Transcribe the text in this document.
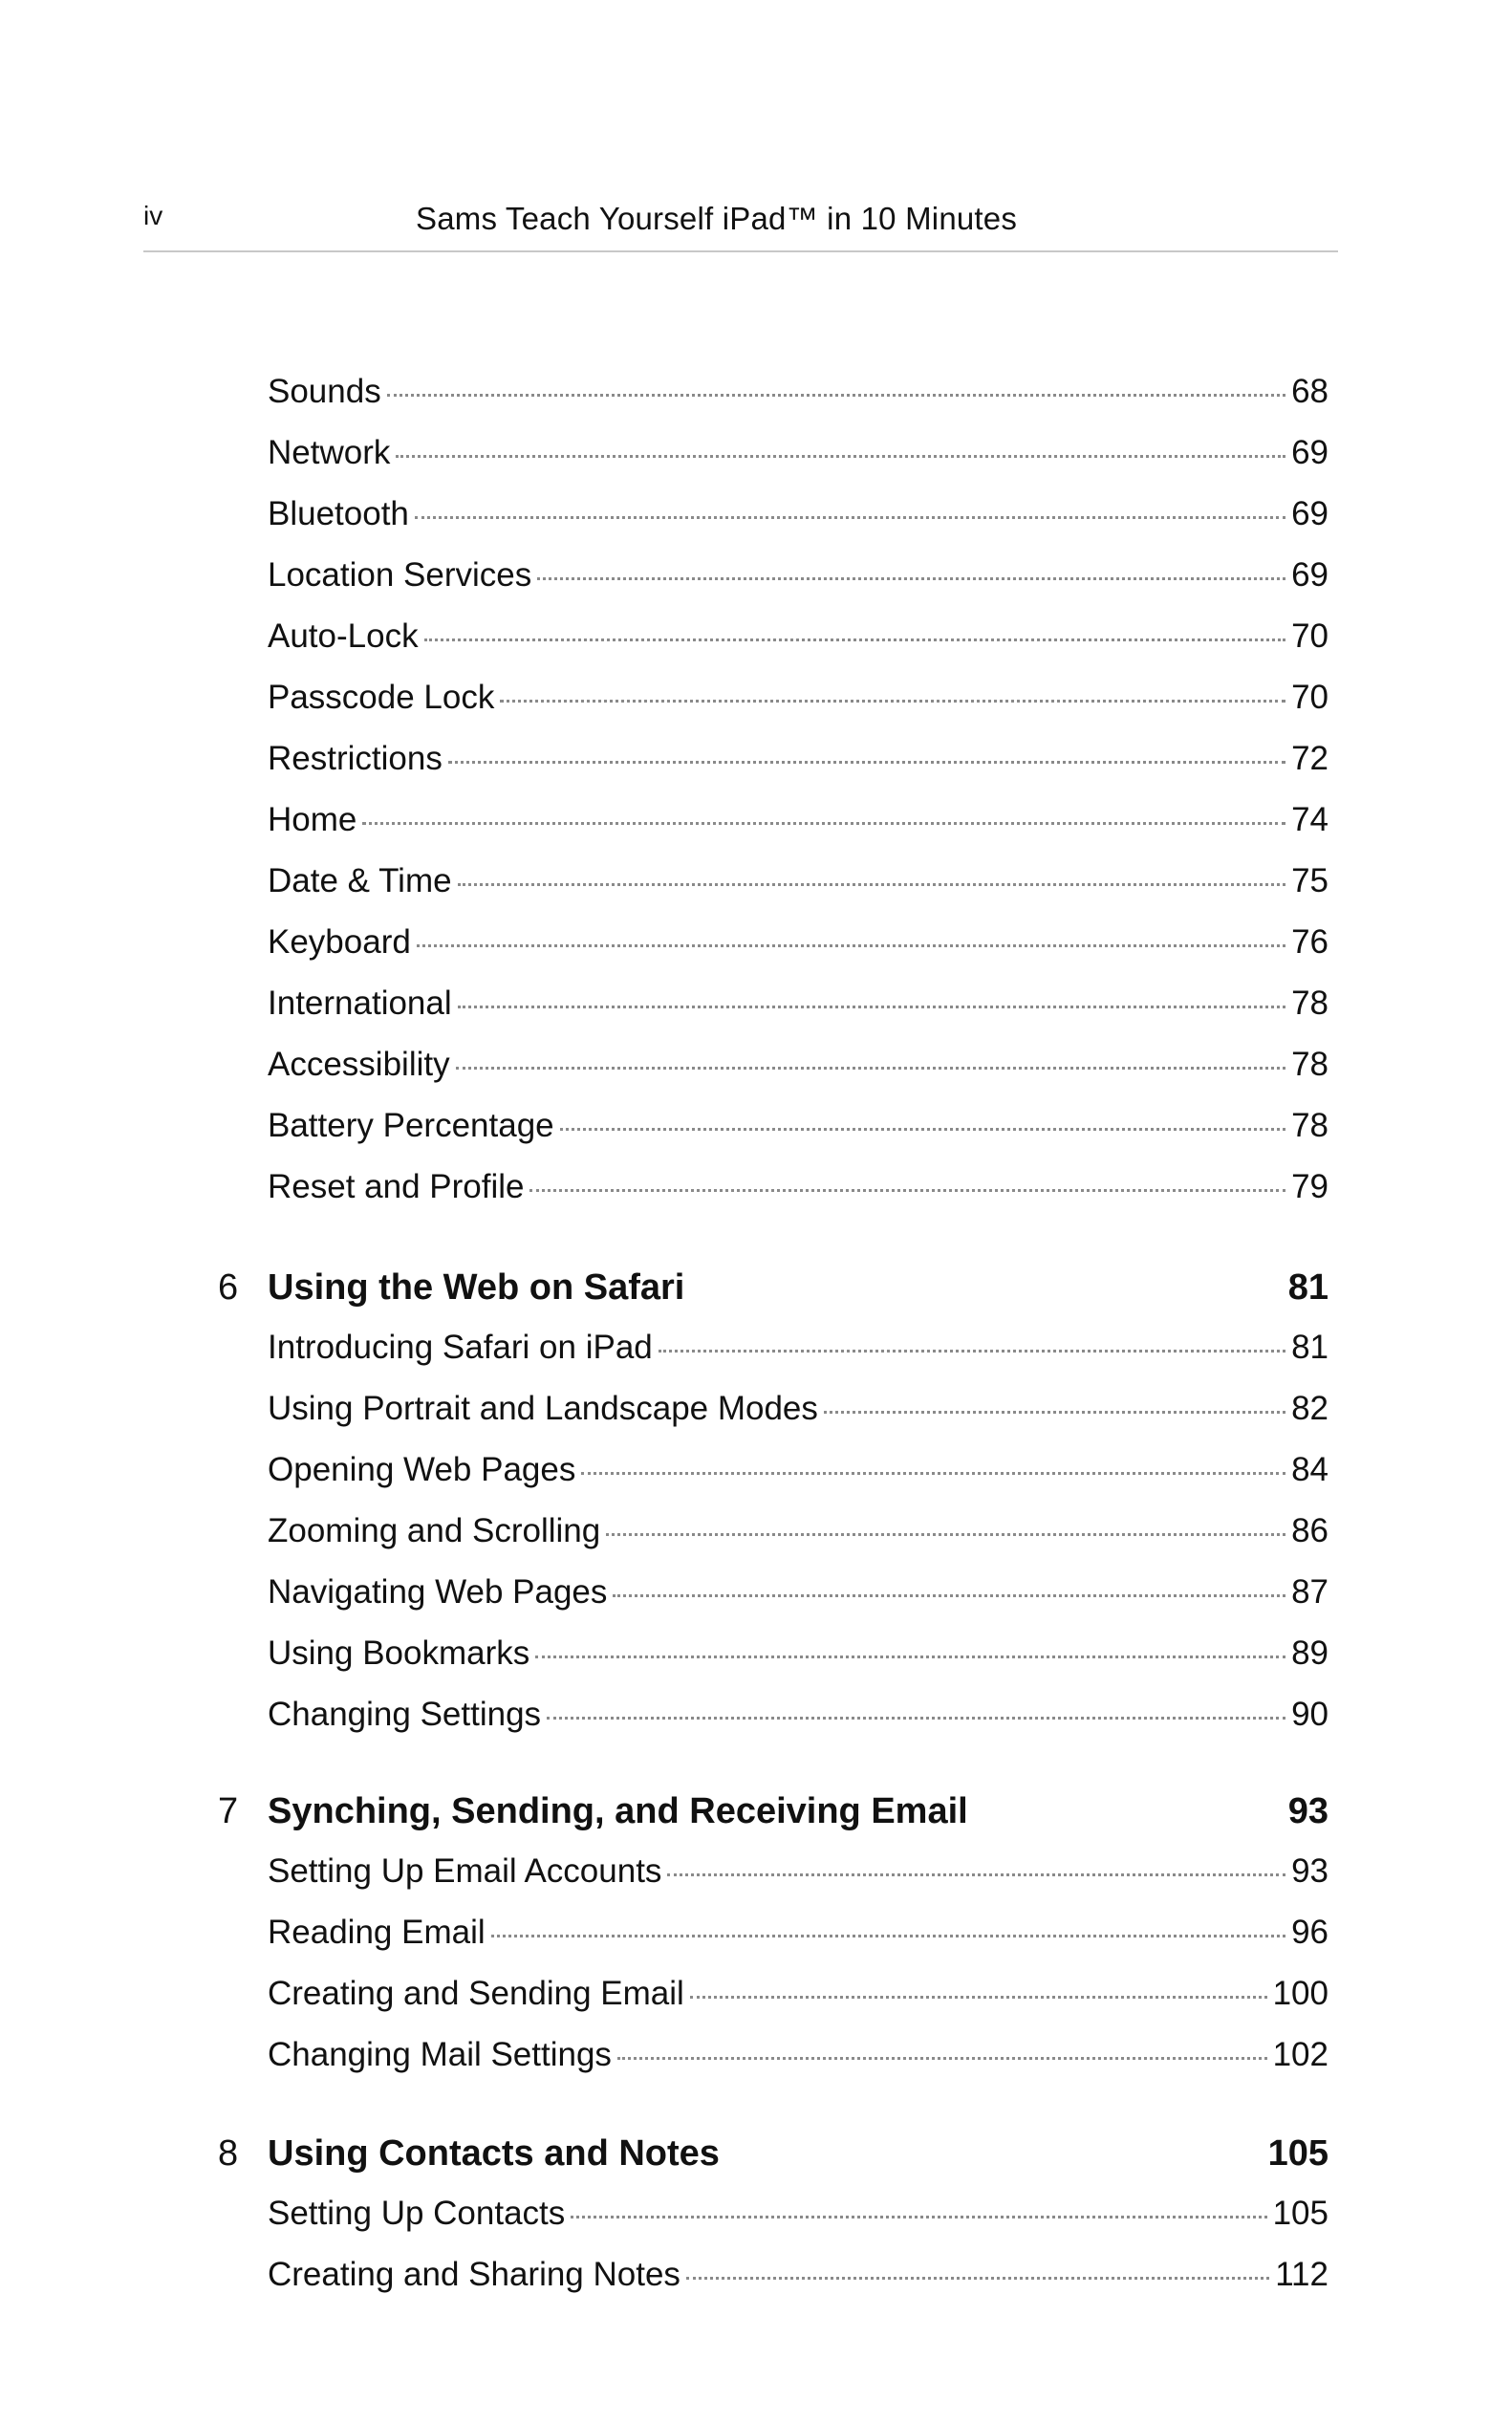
iv	Sams Teach Yourself iPad™ in 10 Minutes
Sounds	68
Network	69
Bluetooth	69
Location Services	69
Auto-Lock	70
Passcode Lock	70
Restrictions	72
Home	74
Date & Time	75
Keyboard	76
International	78
Accessibility	78
Battery Percentage	78
Reset and Profile	79
6 Using the Web on Safari	81
Introducing Safari on iPad	81
Using Portrait and Landscape Modes	82
Opening Web Pages	84
Zooming and Scrolling	86
Navigating Web Pages	87
Using Bookmarks	89
Changing Settings	90
7 Synching, Sending, and Receiving Email	93
Setting Up Email Accounts	93
Reading Email	96
Creating and Sending Email	100
Changing Mail Settings	102
8 Using Contacts and Notes	105
Setting Up Contacts	105
Creating and Sharing Notes	112
